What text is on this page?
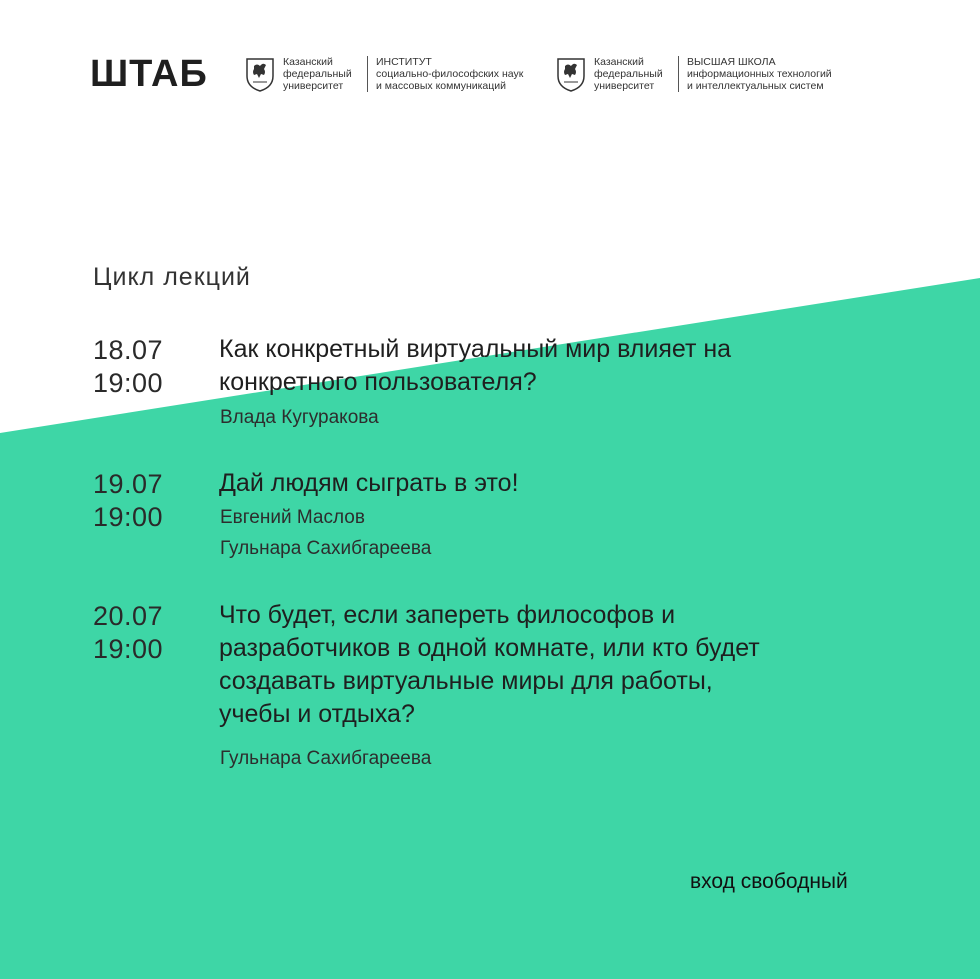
ШТАБ	Казанский
федеральный
университет
ИНСТИТУТ
социально-философских наук
и массовых коммуникаций
Казанский
федеральный
университет
ВЫСШАЯ ШКОЛА
информационных технологий
и интеллектуальных систем
Цикл лекций
18.07
19:00
Как конкретный виртуальный мир влияет на
конкретного пользователя?
Влада Кугуракова
19.07
19:00
Дай людям сыграть в это!
Евгений Маслов
Гульнара Сахибгареева
20.07
19:00
Что будет, если запереть философов и
разработчиков в одной комнате, или кто будет
создавать виртуальные миры для работы,
учебы и отдыха?
Гульнара Сахибгареева
вход свободный
